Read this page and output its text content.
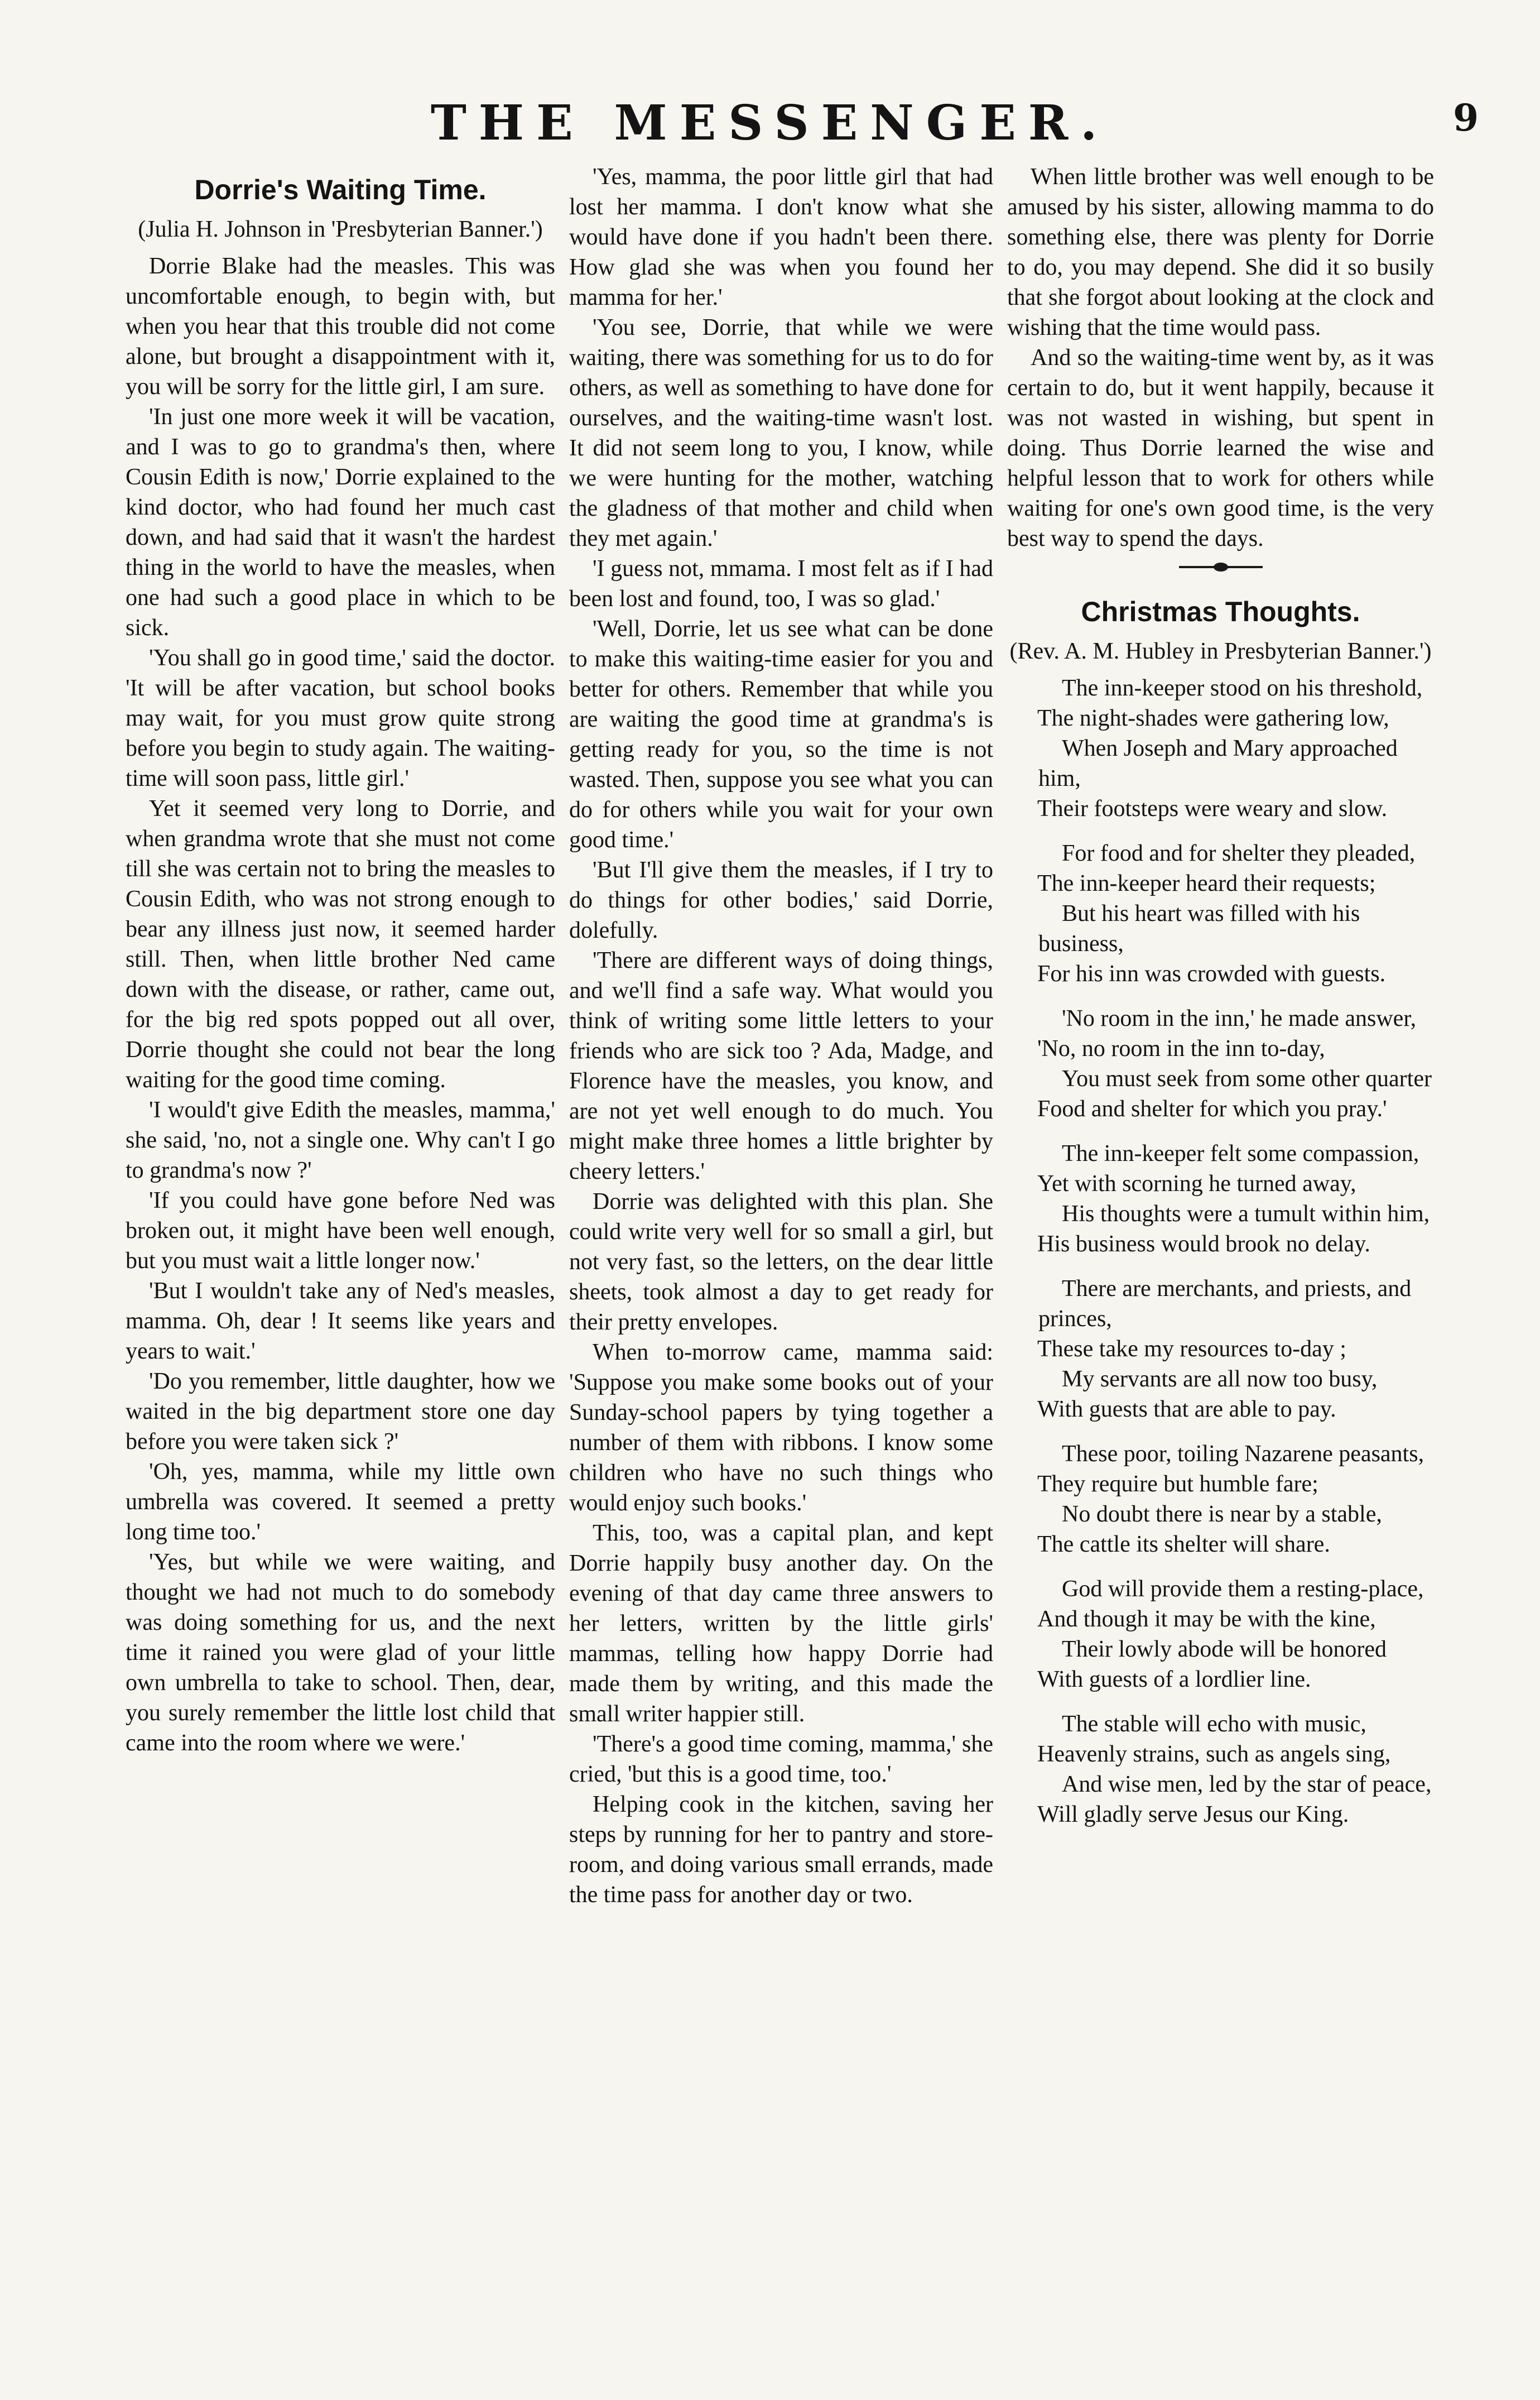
THE MESSENGER.	9
Dorrie's Waiting Time.

(Julia H. Johnson in 'Presbyterian Banner.')

Dorrie Blake had the measles. This was uncomfortable enough, to begin with, but when you hear that this trouble did not come alone, but brought a disappointment with it, you will be sorry for the little girl, I am sure.

'In just one more week it will be vacation, and I was to go to grandma's then, where Cousin Edith is now,' Dorrie explained to the kind doctor, who had found her much cast down, and had said that it wasn't the hardest thing in the world to have the measles, when one had such a good place in which to be sick.

'You shall go in good time,' said the doctor. 'It will be after vacation, but school books may wait, for you must grow quite strong before you begin to study again. The waiting-time will soon pass, little girl.'

Yet it seemed very long to Dorrie, and when grandma wrote that she must not come till she was certain not to bring the measles to Cousin Edith, who was not strong enough to bear any illness just now, it seemed harder still. Then, when little brother Ned came down with the disease, or rather, came out, for the big red spots popped out all over, Dorrie thought she could not bear the long waiting for the good time coming.

'I would't give Edith the measles, mamma,' she said, 'no, not a single one. Why can't I go to grandma's now ?'

'If you could have gone before Ned was broken out, it might have been well enough, but you must wait a little longer now.'

'But I wouldn't take any of Ned's measles, mamma. Oh, dear ! It seems like years and years to wait.'

'Do you remember, little daughter, how we waited in the big department store one day before you were taken sick ?'

'Oh, yes, mamma, while my little own umbrella was covered. It seemed a pretty long time too.'

'Yes, but while we were waiting, and thought we had not much to do somebody was doing something for us, and the next time it rained you were glad of your little own umbrella to take to school. Then, dear, you surely remember the little lost child that came into the room where we were.'

'Yes, mamma, the poor little girl that had lost her mamma. I don't know what she would have done if you hadn't been there. How glad she was when you found her mamma for her.'

'You see, Dorrie, that while we were waiting, there was something for us to do for others, as well as something to have done for ourselves, and the waiting-time wasn't lost. It did not seem long to you, I know, while we were hunting for the mother, watching the gladness of that mother and child when they met again.'

'I guess not, mmama. I most felt as if I had been lost and found, too, I was so glad.'

'Well, Dorrie, let us see what can be done to make this waiting-time easier for you and better for others. Remember that while you are waiting the good time at grandma's is getting ready for you, so the time is not wasted. Then, suppose you see what you can do for others while you wait for your own good time.'

'But I'll give them the measles, if I try to do things for other bodies,' said Dorrie, dolefully.

'There are different ways of doing things, and we'll find a safe way. What would you think of writing some little letters to your friends who are sick too ? Ada, Madge, and Florence have the measles, you know, and are not yet well enough to do much. You might make three homes a little brighter by cheery letters.'

Dorrie was delighted with this plan. She could write very well for so small a girl, but not very fast, so the letters, on the dear little sheets, took almost a day to get ready for their pretty envelopes.

When to-morrow came, mamma said: 'Suppose you make some books out of your Sunday-school papers by tying together a number of them with ribbons. I know some children who have no such things who would enjoy such books.'

This, too, was a capital plan, and kept Dorrie happily busy another day. On the evening of that day came three answers to her letters, written by the little girls' mammas, telling how happy Dorrie had made them by writing, and this made the small writer happier still.

'There's a good time coming, mamma,' she cried, 'but this is a good time, too.'

Helping cook in the kitchen, saving her steps by running for her to pantry and store-room, and doing various small errands, made the time pass for another day or two.

When little brother was well enough to be amused by his sister, allowing mamma to do something else, there was plenty for Dorrie to do, you may depend. She did it so busily that she forgot about looking at the clock and wishing that the time would pass.

And so the waiting-time went by, as it was certain to do, but it went happily, because it was not wasted in wishing, but spent in doing. Thus Dorrie learned the wise and helpful lesson that to work for others while waiting for one's own good time, is the very best way to spend the days.

Christmas Thoughts.

(Rev. A. M. Hubley in Presbyterian Banner.')

The inn-keeper stood on his threshold,

The night-shades were gathering low,

When Joseph and Mary approached him,

Their footsteps were weary and slow.

For food and for shelter they pleaded,

The inn-keeper heard their requests;

But his heart was filled with his business,

For his inn was crowded with guests.

'No room in the inn,' he made answer,

'No, no room in the inn to-day,

You must seek from some other quarter

Food and shelter for which you pray.'

The inn-keeper felt some compassion,

Yet with scorning he turned away,

His thoughts were a tumult within him,

His business would brook no delay.

There are merchants, and priests, and princes,

These take my resources to-day ;

My servants are all now too busy,

With guests that are able to pay.

These poor, toiling Nazarene peasants,

They require but humble fare;

No doubt there is near by a stable,

The cattle its shelter will share.

God will provide them a resting-place,

And though it may be with the kine,

Their lowly abode will be honored

With guests of a lordlier line.

The stable will echo with music,

Heavenly strains, such as angels sing,

And wise men, led by the star of peace,

Will gladly serve Jesus our King.
